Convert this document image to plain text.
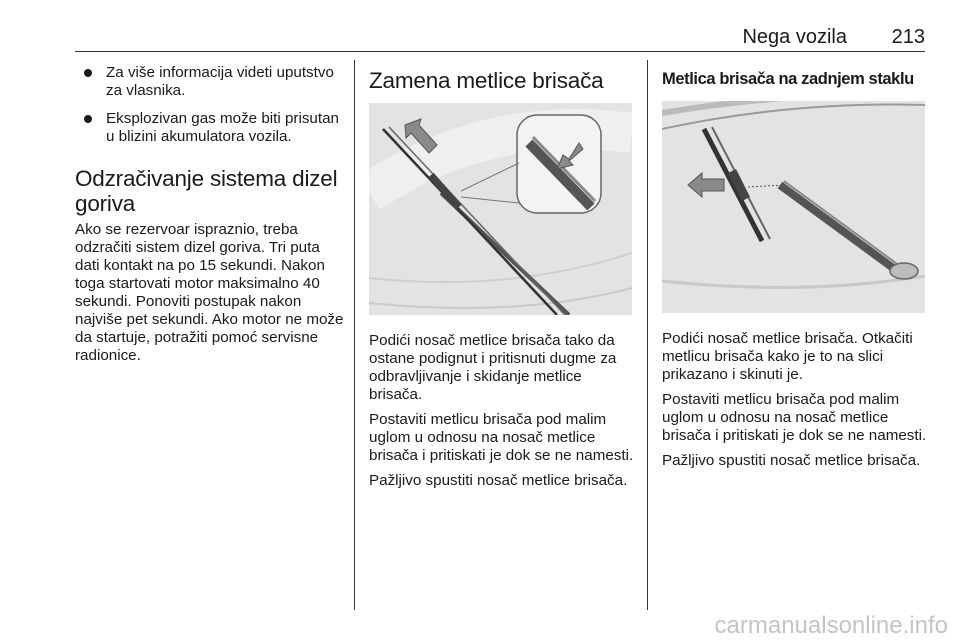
Nega vozila 213
Za više informacija videti uputstvo za vlasnika.
Eksplozivan gas može biti prisutan u blizini akumulatora vozila.
Odzračivanje sistema dizel goriva

Ako se rezervoar ispraznio, treba odzračiti sistem dizel goriva. Tri puta dati kontakt na po 15 sekundi. Nakon toga startovati motor maksimalno 40 sekundi. Ponoviti postupak nakon najviše pet sekundi. Ako motor ne može da startuje, potražiti pomoć servisne radionice.

Zamena metlice brisača

Podići nosač metlice brisača tako da ostane podignut i pritisnuti dugme za odbravljivanje i skidanje metlice brisača.

Postaviti metlicu brisača pod malim uglom u odnosu na nosač metlice brisača i pritiskati je dok se ne namesti.

Pažljivo spustiti nosač metlice brisača.

Metlica brisača na zadnjem staklu

Podići nosač metlice brisača. Otkačiti metlicu brisača kako je to na slici prikazano i skinuti je.

Postaviti metlicu brisača pod malim uglom u odnosu na nosač metlice brisača i pritiskati je dok se ne namesti.

Pažljivo spustiti nosač metlice brisača.

carmanualsonline.info
